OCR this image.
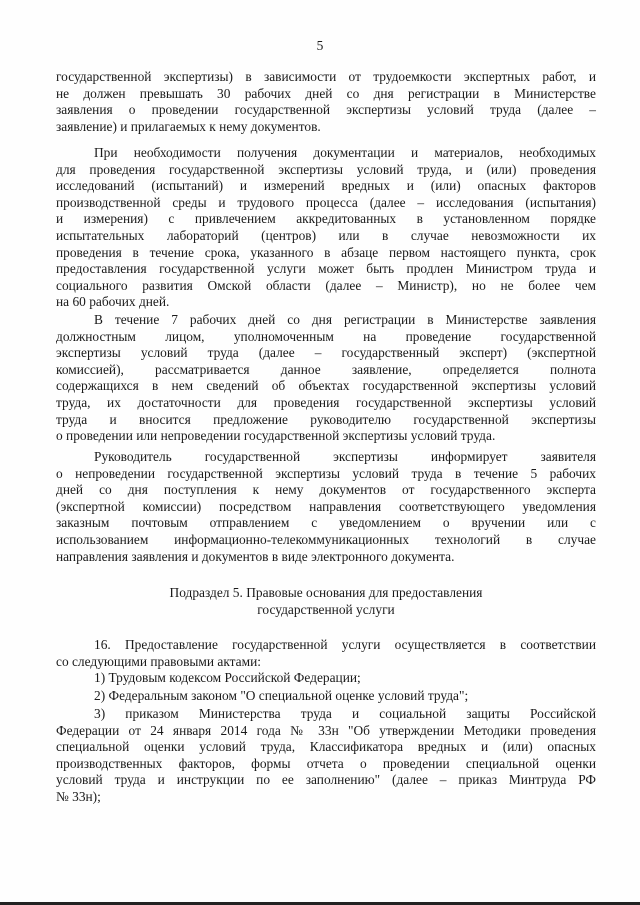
5
государственной экспертизы) в зависимости от трудоемкости экспертных работ, и
не должен превышать 30 рабочих дней со дня регистрации в Министерстве
заявления о проведении государственной экспертизы условий труда (далее –
заявление) и прилагаемых к нему документов.
При необходимости получения документации и материалов, необходимых
для проведения государственной экспертизы условий труда, и (или) проведения
исследований (испытаний) и измерений вредных и (или) опасных факторов
производственной среды и трудового процесса (далее – исследования (испытания)
и измерения) с привлечением аккредитованных в установленном порядке
испытательных лабораторий (центров) или в случае невозможности их
проведения в течение срока, указанного в абзаце первом настоящего пункта, срок
предоставления государственной услуги может быть продлен Министром труда и
социального развития Омской области (далее – Министр), но не более чем
на 60 рабочих дней.
В течение 7 рабочих дней со дня регистрации в Министерстве заявления
должностным лицом, уполномоченным на проведение государственной
экспертизы условий труда (далее – государственный эксперт) (экспертной
комиссией), рассматривается данное заявление, определяется полнота
содержащихся в нем сведений об объектах государственной экспертизы условий
труда, их достаточности для проведения государственной экспертизы условий
труда и вносится предложение руководителю государственной экспертизы
о проведении или непроведении государственной экспертизы условий труда.
Руководитель государственной экспертизы информирует заявителя
о непроведении государственной экспертизы условий труда в течение 5 рабочих
дней со дня поступления к нему документов от государственного эксперта
(экспертной комиссии) посредством направления соответствующего уведомления
заказным почтовым отправлением с уведомлением о вручении или с
использованием информационно-телекоммуникационных технологий в случае
направления заявления и документов в виде электронного документа.
Подраздел 5. Правовые основания для предоставления
государственной услуги
16. Предоставление государственной услуги осуществляется в соответствии
со следующими правовыми актами:
1) Трудовым кодексом Российской Федерации;
2) Федеральным законом "О специальной оценке условий труда";
3) приказом Министерства труда и социальной защиты Российской
Федерации от 24 января 2014 года № 33н "Об утверждении Методики проведения
специальной оценки условий труда, Классификатора вредных и (или) опасных
производственных факторов, формы отчета о проведении специальной оценки
условий труда и инструкции по ее заполнению" (далее – приказ Минтруда РФ
№ 33н);
